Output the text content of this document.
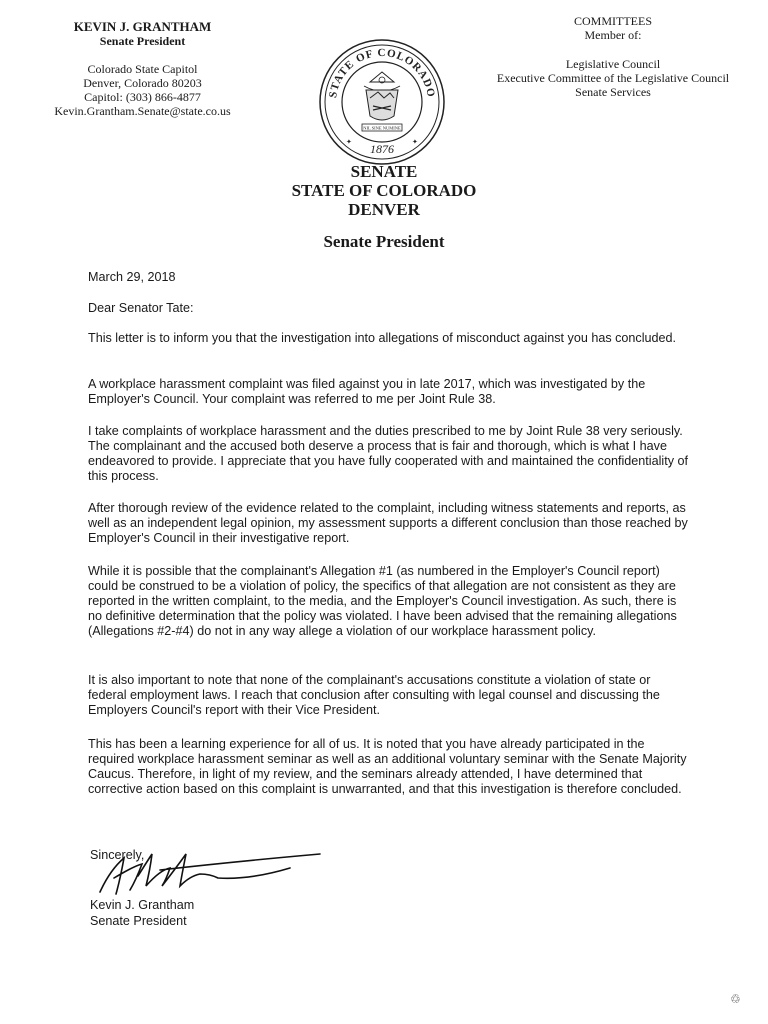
KEVIN J. GRANTHAM
Senate President
Colorado State Capitol
Denver, Colorado 80203
Capitol: (303) 866-4877
Kevin.Grantham.Senate@state.co.us
COMMITTEES
Member of:
Legislative Council
Executive Committee of the Legislative Council
Senate Services
STATE OF COLORADO
NIL SINE NUMINE
1876
✦	✦
SENATE
STATE OF COLORADO
DENVER
Senate President
March 29, 2018
Dear Senator Tate:

This letter is to inform you that the investigation into allegations of misconduct against you has concluded.

A workplace harassment complaint was filed against you in late 2017, which was investigated by the Employer's Council. Your complaint was referred to me per Joint Rule 38.

I take complaints of workplace harassment and the duties prescribed to me by Joint Rule 38 very seriously. The complainant and the accused both deserve a process that is fair and thorough, which is what I have endeavored to provide. I appreciate that you have fully cooperated with and maintained the confidentiality of this process.

After thorough review of the evidence related to the complaint, including witness statements and reports, as well as an independent legal opinion, my assessment supports a different conclusion than those reached by Employer's Council in their investigative report.

While it is possible that the complainant's Allegation #1 (as numbered in the Employer's Council report) could be construed to be a violation of policy, the specifics of that allegation are not consistent as they are reported in the written complaint, to the media, and the Employer's Council investigation. As such, there is no definitive determination that the policy was violated. I have been advised that the remaining allegations (Allegations #2-#4) do not in any way allege a violation of our workplace harassment policy.

It is also important to note that none of the complainant's accusations constitute a violation of state or federal employment laws. I reach that conclusion after consulting with legal counsel and discussing the Employers Council's report with their Vice President.

This has been a learning experience for all of us. It is noted that you have already participated in the required workplace harassment seminar as well as an additional voluntary seminar with the Senate Majority Caucus. Therefore, in light of my review, and the seminars already attended, I have determined that corrective action based on this complaint is unwarranted, and that this investigation is therefore concluded.

Sincerely,
Kevin J. Grantham
Senate President
♲
